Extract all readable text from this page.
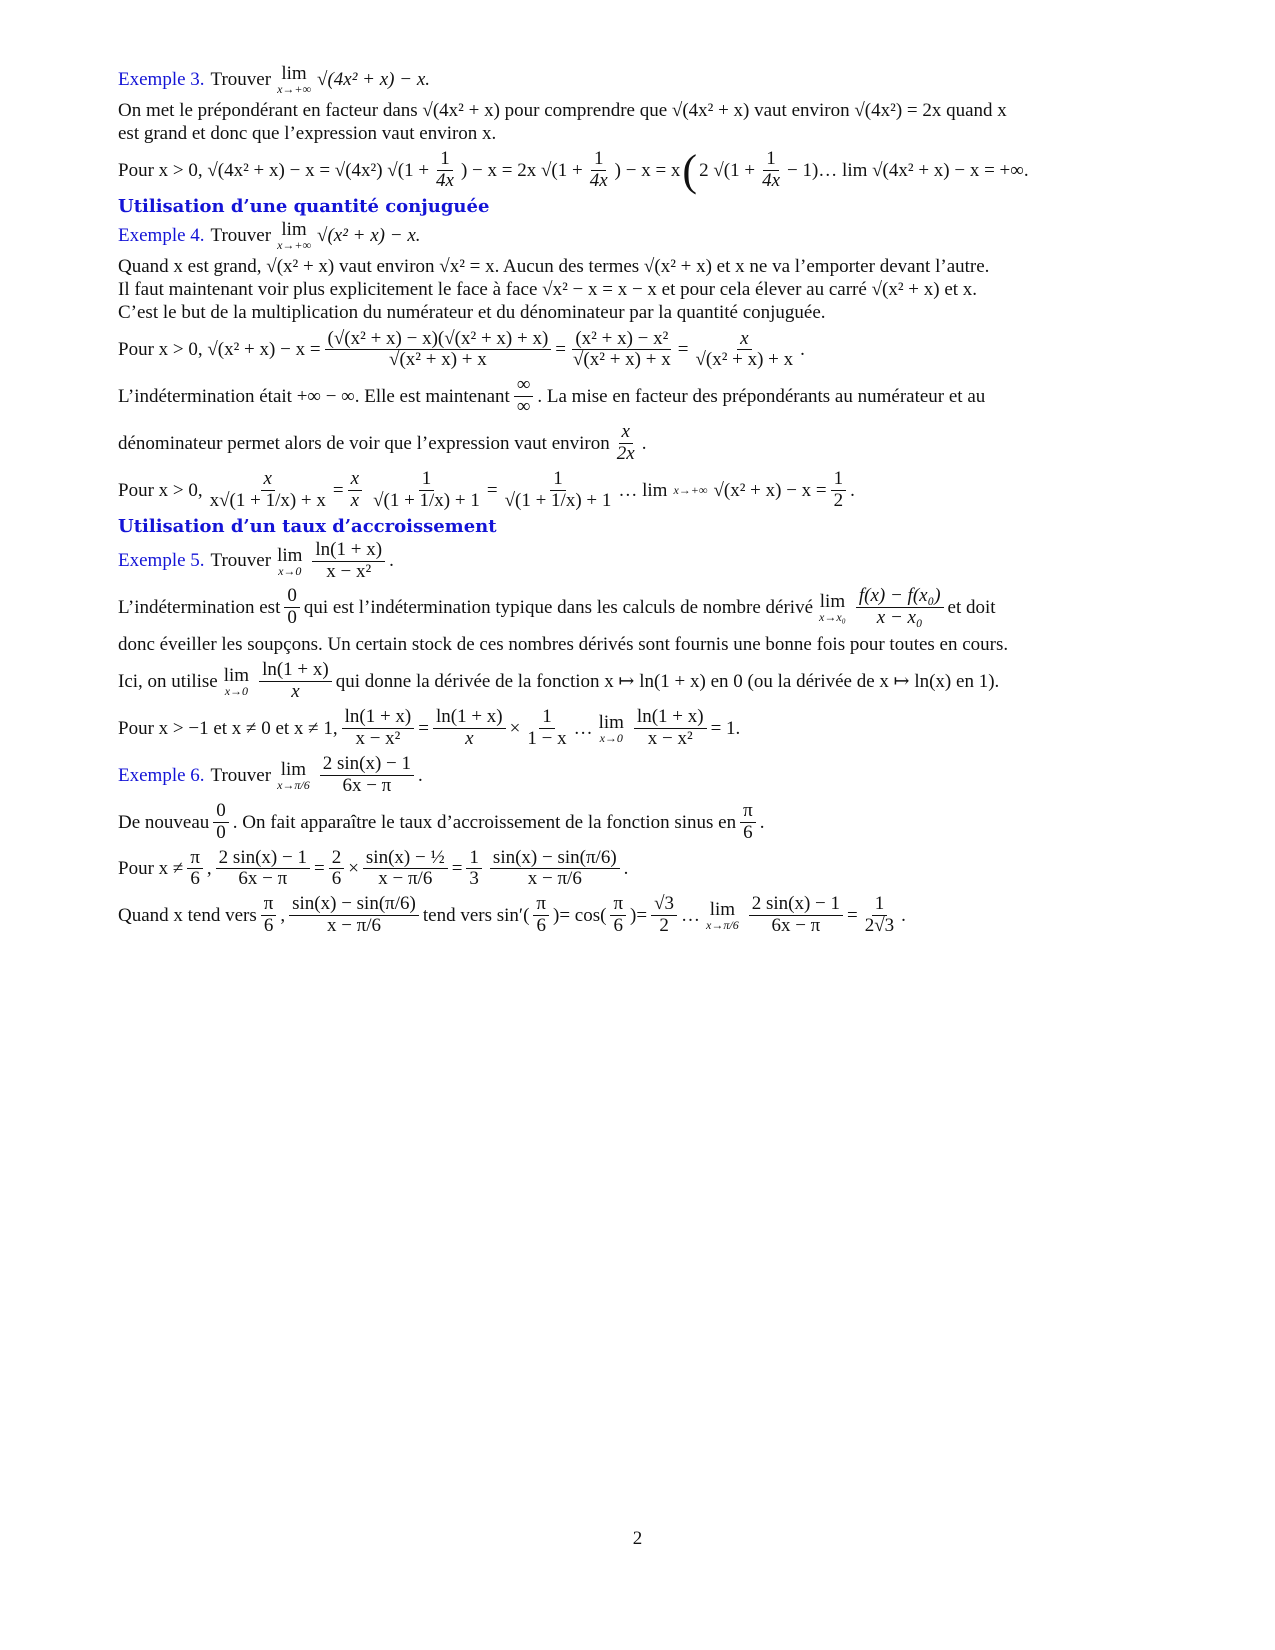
Exemple 3. Trouver lim
x→+∞ √(4x² + x) − x.
On met le prépondérant en facteur dans √(4x² + x) pour comprendre que √(4x² + x) vaut environ √(4x²) = 2x quand x
est grand et donc que l’expression vaut environ x.
Pour x > 0, √(4x² + x) − x = √(4x²) $√(1 + \frac{1}{4x}$ ) − x = 2x $√(1 + \frac{1}{4x}$ ) − x = x ( 2 $√(1 + \frac{1}{4x}$ − 1)… lim √(4x² + x) − x = +∞.
Utilisation d’une quantité conjuguée
Exemple 4. Trouver lim
x→+∞ √(x² + x) − x.
Quand x est grand, √(x² + x) vaut environ √x² = x. Aucun des termes √(x² + x) et x ne va l’emporter devant l’autre.
Il faut maintenant voir plus explicitement le face à face √x² − x = x − x et pour cela élever au carré √(x² + x) et x.
C’est le but de la multiplication du numérateur et du dénominateur par la quantité conjuguée.
Pour x > 0, $√(x^2 + x) - x = \frac{\text{(√(x² + x) − x)(√(x² + x) + x)}}{\text{√(x² + x) + x}} = \frac{\text{(x² + x) − x²}}{\text{√(x² + x) + x}} = \frac{x}{\text{√(x² + x) + x}}$ .
L’indétermination était +∞ − ∞. Elle est maintenant $\frac{\infty}{\infty}$ . La mise en facteur des prépondérants au numérateur et au
dénominateur permet alors de voir que l’expression vaut environ $\frac{x}{2x}$ .
Pour x > 0, $\frac{x}{x√(1 + 1/x) + x} = \frac{x}{x} \frac{1}{√(1 + 1/x) + 1} = \frac{1}{√(1 + 1/x) + 1}$ … lim x→+∞ $√(x^2 + x) - x = \frac{1}{2}$ .
Utilisation d’un taux d’accroissement
Exemple 5. Trouver lim
$x\to 0 \frac{\ln(1 + x)}{\text{x − x²}}$ .
L’indétermination est $\frac{0}{0}$ qui est l’indétermination typique dans les calculs de nombre dérivé lim
$x\to x_0 \frac{\text{f(x) − f(x₀)}}{\text{x − x₀}}$ et doit
donc éveiller les soupçons. Un certain stock de ces nombres dérivés sont fournis une bonne fois pour toutes en cours.
Ici, on utilise lim
$x\to 0 \frac{\ln(1 + x)}{x}$ qui donne la dérivée de la fonction x ↦ ln(1 + x) en 0 (ou la dérivée de x ↦ ln(x) en 1).
Pour x > −1 et x ≠ 0 et x ≠ 1, $\frac{\ln(1 + x)}{\text{x − x²}} = \frac{\ln(1 + x)}{x} \times \frac{1}{1 - x}$ … lim
$x\to 0 \frac{\ln(1 + x)}{\text{x − x²}} = 1$.
Exemple 6. Trouver lim
$x\to\pi/6 \frac{2 \sin(x) - 1}{6x - \pi}$ .
De nouveau $\frac{0}{0}$ . On fait apparaître le taux d’accroissement de la fonction sinus en $\frac{\pi}{6}$ .
Pour $x \ne \frac{\pi}{6}$ , $\frac{2 \sin(x) - 1}{6x - \pi} = \frac{2}{6} \times \frac{\text{sin(x) − ½}}{x - \pi/6} = \frac{1}{3} \frac{\sin(x) - \sin(\pi/6)}{x - \pi/6}$ .
Quand x tend vers $\frac{\pi}{6}$ , $\frac{\sin(x) - \sin(\pi/6)}{x - \pi/6}$ tend vers sin′ ( $\frac{\pi}{6}$ ) = cos ( $\frac{\pi}{6}$ ) = $\frac{√3}{2}$ … lim
$x\to\pi/6 \frac{2 \sin(x) - 1}{6x - \pi} = \frac{1}{2√3}$ .
2
